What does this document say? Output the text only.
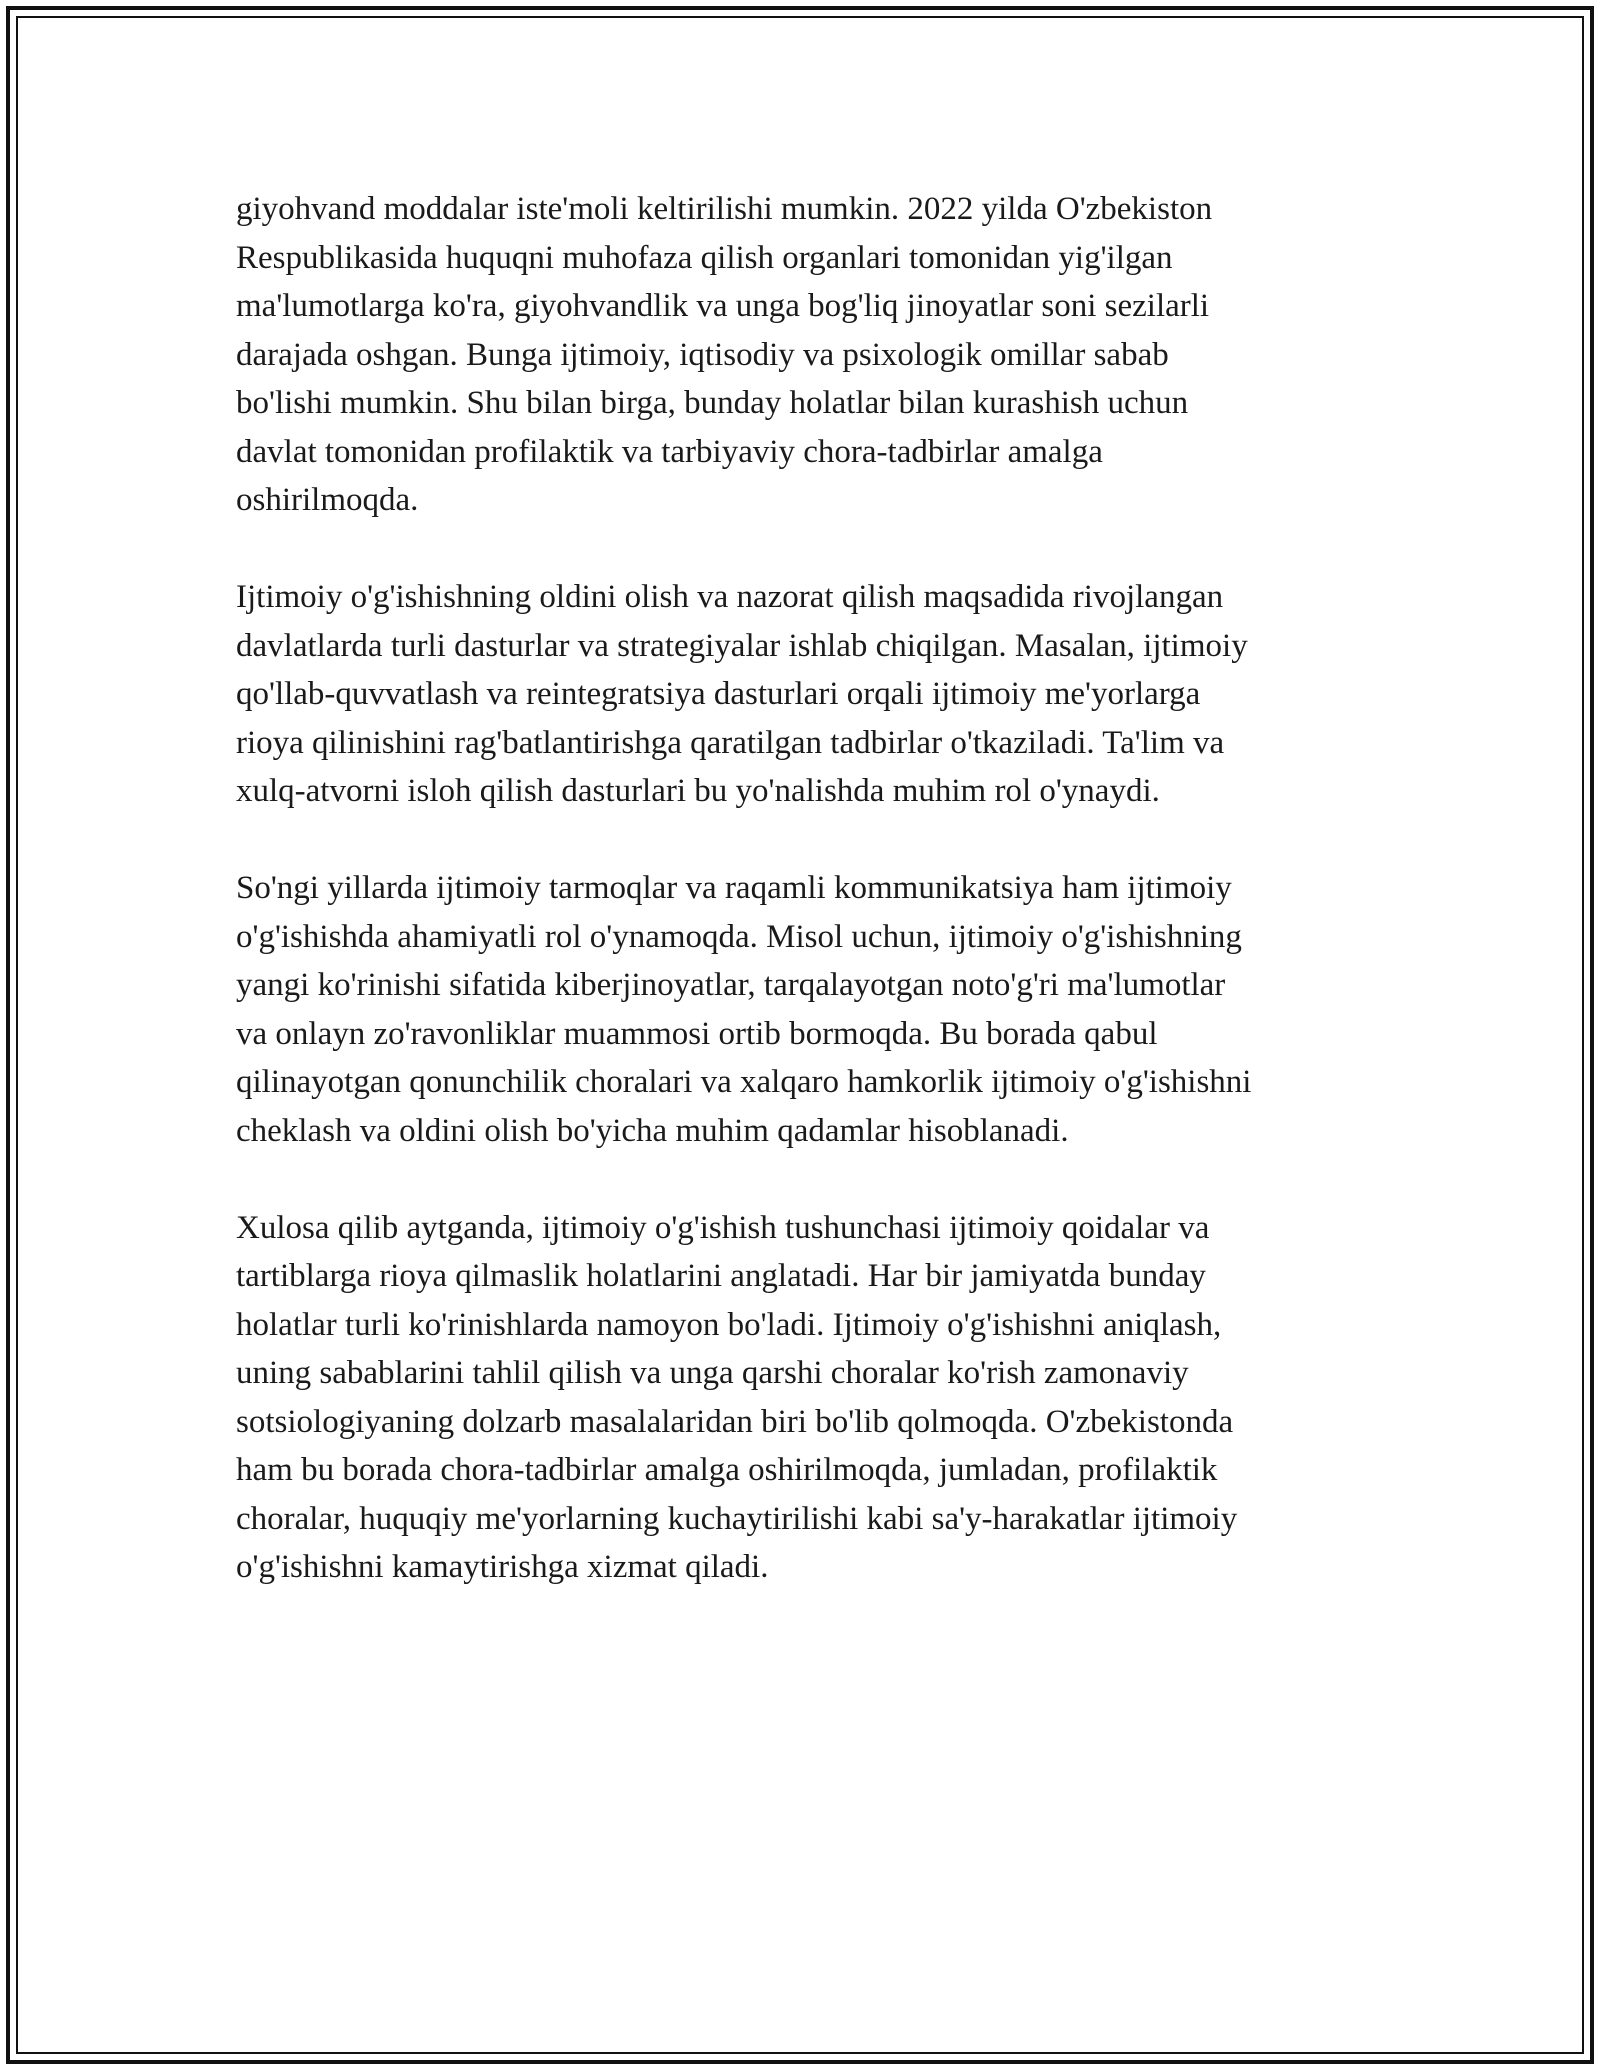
giyohvand moddalar iste'moli keltirilishi mumkin. 2022 yilda O'zbekiston
Respublikasida huquqni muhofaza qilish organlari tomonidan yig'ilgan
ma'lumotlarga ko'ra, giyohvandlik va unga bog'liq jinoyatlar soni sezilarli
darajada oshgan. Bunga ijtimoiy, iqtisodiy va psixologik omillar sabab
bo'lishi mumkin. Shu bilan birga, bunday holatlar bilan kurashish uchun
davlat tomonidan profilaktik va tarbiyaviy chora-tadbirlar amalga
oshirilmoqda.

Ijtimoiy o'g'ishishning oldini olish va nazorat qilish maqsadida rivojlangan
davlatlarda turli dasturlar va strategiyalar ishlab chiqilgan. Masalan, ijtimoiy
qo'llab-quvvatlash va reintegratsiya dasturlari orqali ijtimoiy me'yorlarga
rioya qilinishini rag'batlantirishga qaratilgan tadbirlar o'tkaziladi. Ta'lim va
xulq-atvorni isloh qilish dasturlari bu yo'nalishda muhim rol o'ynaydi.

So'ngi yillarda ijtimoiy tarmoqlar va raqamli kommunikatsiya ham ijtimoiy
o'g'ishishda ahamiyatli rol o'ynamoqda. Misol uchun, ijtimoiy o'g'ishishning
yangi ko'rinishi sifatida kiberjinoyatlar, tarqalayotgan noto'g'ri ma'lumotlar
va onlayn zo'ravonliklar muammosi ortib bormoqda. Bu borada qabul
qilinayotgan qonunchilik choralari va xalqaro hamkorlik ijtimoiy o'g'ishishni
cheklash va oldini olish bo'yicha muhim qadamlar hisoblanadi.

Xulosa qilib aytganda, ijtimoiy o'g'ishish tushunchasi ijtimoiy qoidalar va
tartiblarga rioya qilmaslik holatlarini anglatadi. Har bir jamiyatda bunday
holatlar turli ko'rinishlarda namoyon bo'ladi. Ijtimoiy o'g'ishishni aniqlash,
uning sabablarini tahlil qilish va unga qarshi choralar ko'rish zamonaviy
sotsiologiyaning dolzarb masalalaridan biri bo'lib qolmoqda. O'zbekistonda
ham bu borada chora-tadbirlar amalga oshirilmoqda, jumladan, profilaktik
choralar, huquqiy me'yorlarning kuchaytirilishi kabi sa'y-harakatlar ijtimoiy
o'g'ishishni kamaytirishga xizmat qiladi.
